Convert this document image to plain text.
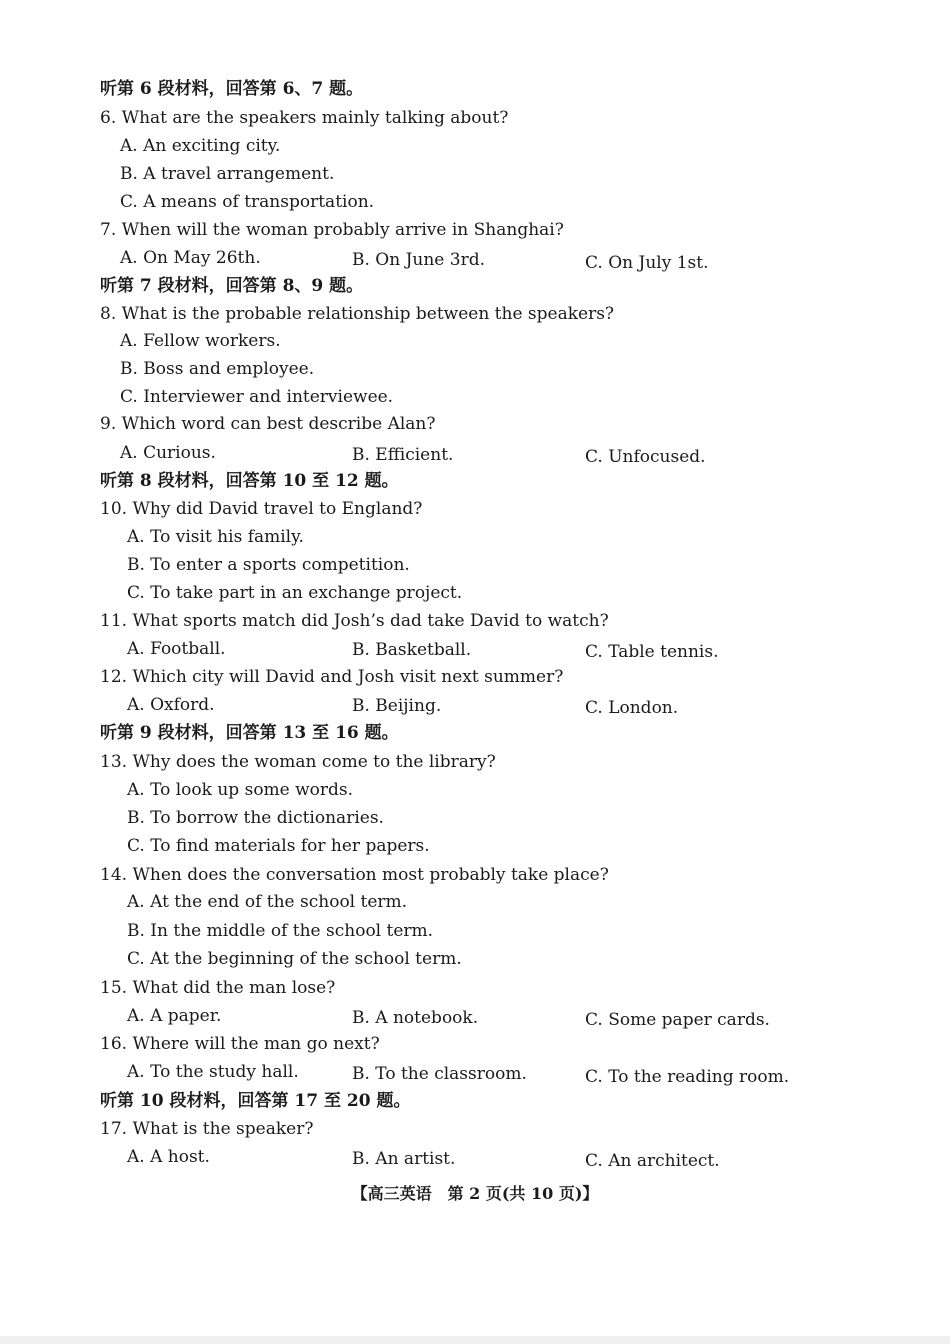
听第 6 段材料，回答第 6、7 题。
6. What are the speakers mainly talking about?
A. An exciting city.
B. A travel arrangement.
C. A means of transportation.
7. When will the woman probably arrive in Shanghai?
A. On May 26th.	B. On June 3rd.	C. On July 1st.
听第 7 段材料，回答第 8、9 题。
8. What is the probable relationship between the speakers?
A. Fellow workers.
B. Boss and employee.
C. Interviewer and interviewee.
9. Which word can best describe Alan?
A. Curious.	B. Efficient.	C. Unfocused.
听第 8 段材料，回答第 10 至 12 题。
10. Why did David travel to England?
A. To visit his family.
B. To enter a sports competition.
C. To take part in an exchange project.
11. What sports match did Josh’s dad take David to watch?
A. Football.	B. Basketball.	C. Table tennis.
12. Which city will David and Josh visit next summer?
A. Oxford.	B. Beijing.	C. London.
听第 9 段材料，回答第 13 至 16 题。
13. Why does the woman come to the library?
A. To look up some words.
B. To borrow the dictionaries.
C. To find materials for her papers.
14. When does the conversation most probably take place?
A. At the end of the school term.
B. In the middle of the school term.
C. At the beginning of the school term.
15. What did the man lose?
A. A paper.	B. A notebook.	C. Some paper cards.
16. Where will the man go next?
A. To the study hall.	B. To the classroom.	C. To the reading room.
听第 10 段材料，回答第 17 至 20 题。
17. What is the speaker?
A. A host.	B. An artist.	C. An architect.
【高三英语　第 2 页(共 10 页)】
